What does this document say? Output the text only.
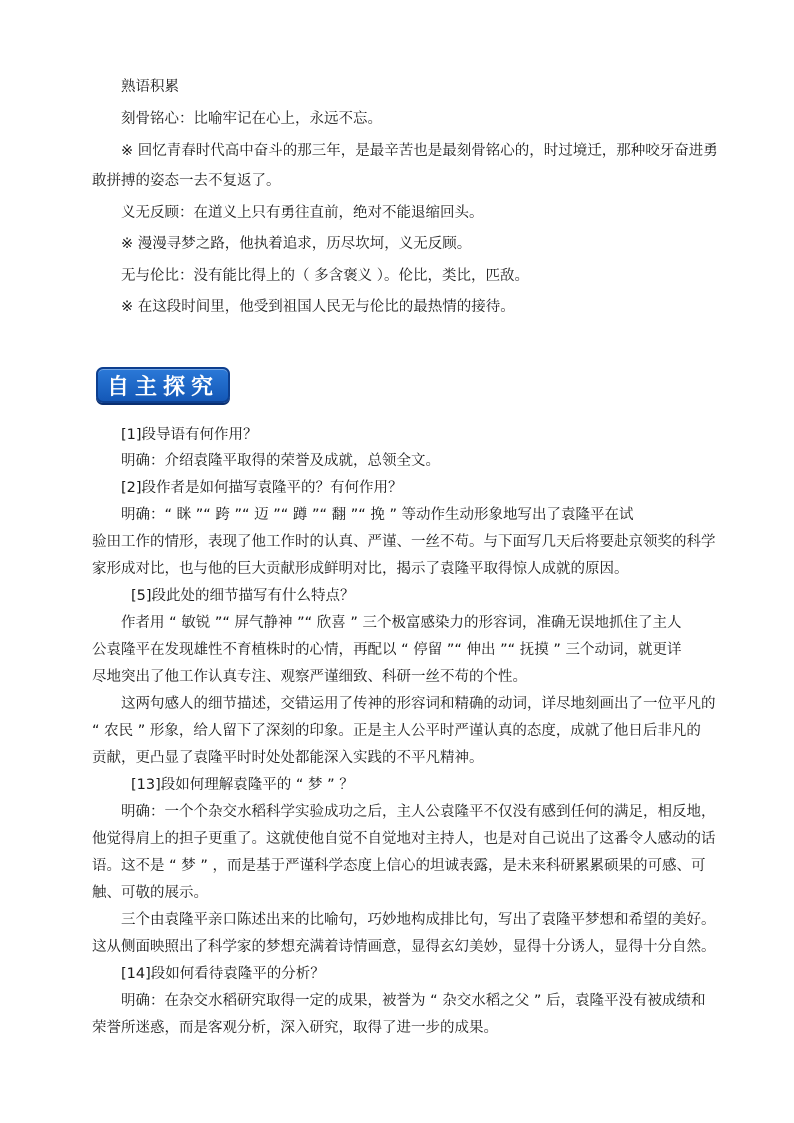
熟语积累
刻骨铭心：比喻牢记在心上，永远不忘。
※ 回忆青春时代高中奋斗的那三年，是最辛苦也是最刻骨铭心的，时过境迁，那种咬牙奋进勇
敢拼搏的姿态一去不复返了。
义无反顾：在道义上只有勇往直前，绝对不能退缩回头。
※ 漫漫寻梦之路，他执着追求，历尽坎坷，义无反顾。
无与伦比：没有能比得上的（ 多含褒义 ）。伦比，类比，匹敌。
※ 在这段时间里，他受到祖国人民无与伦比的最热情的接待。
自主探究
[1]段导语有何作用？
明确：介绍袁隆平取得的荣誉及成就，总领全文。
[2]段作者是如何描写袁隆平的？有何作用？
明确：“ 眯 ”“ 跨 ”“ 迈 ”“ 蹲 ”“ 翻 ”“ 挽 ” 等动作生动形象地写出了袁隆平在试
验田工作的情形，表现了他工作时的认真、严谨、一丝不苟。与下面写几天后将要赴京领奖的科学
家形成对比，也与他的巨大贡献形成鲜明对比，揭示了袁隆平取得惊人成就的原因。
[5]段此处的细节描写有什么特点？
作者用 “ 敏锐 ”“ 屏气静神 ”“ 欣喜 ” 三个极富感染力的形容词，准确无误地抓住了主人
公袁隆平在发现雄性不育植株时的心情，再配以 “ 停留 ”“ 伸出 ”“ 抚摸 ” 三个动词，就更详
尽地突出了他工作认真专注、观察严谨细致、科研一丝不苟的个性。
这两句感人的细节描述，交错运用了传神的形容词和精确的动词，详尽地刻画出了一位平凡的
“ 农民 ” 形象，给人留下了深刻的印象。正是主人公平时严谨认真的态度，成就了他日后非凡的
贡献，更凸显了袁隆平时时处处都能深入实践的不平凡精神。
[13]段如何理解袁隆平的 “ 梦 ” ？
明确：一个个杂交水稻科学实验成功之后，主人公袁隆平不仅没有感到任何的满足，相反地，
他觉得肩上的担子更重了。这就使他自觉不自觉地对主持人，也是对自己说出了这番令人感动的话
语。这不是 “ 梦 ” ，而是基于严谨科学态度上信心的坦诚表露，是未来科研累累硕果的可感、可
触、可敬的展示。
三个由袁隆平亲口陈述出来的比喻句，巧妙地构成排比句，写出了袁隆平梦想和希望的美好。
这从侧面映照出了科学家的梦想充满着诗情画意，显得玄幻美妙，显得十分诱人，显得十分自然。
[14]段如何看待袁隆平的分析？
明确：在杂交水稻研究取得一定的成果，被誉为 “ 杂交水稻之父 ” 后，袁隆平没有被成绩和
荣誉所迷惑，而是客观分析，深入研究，取得了进一步的成果。
